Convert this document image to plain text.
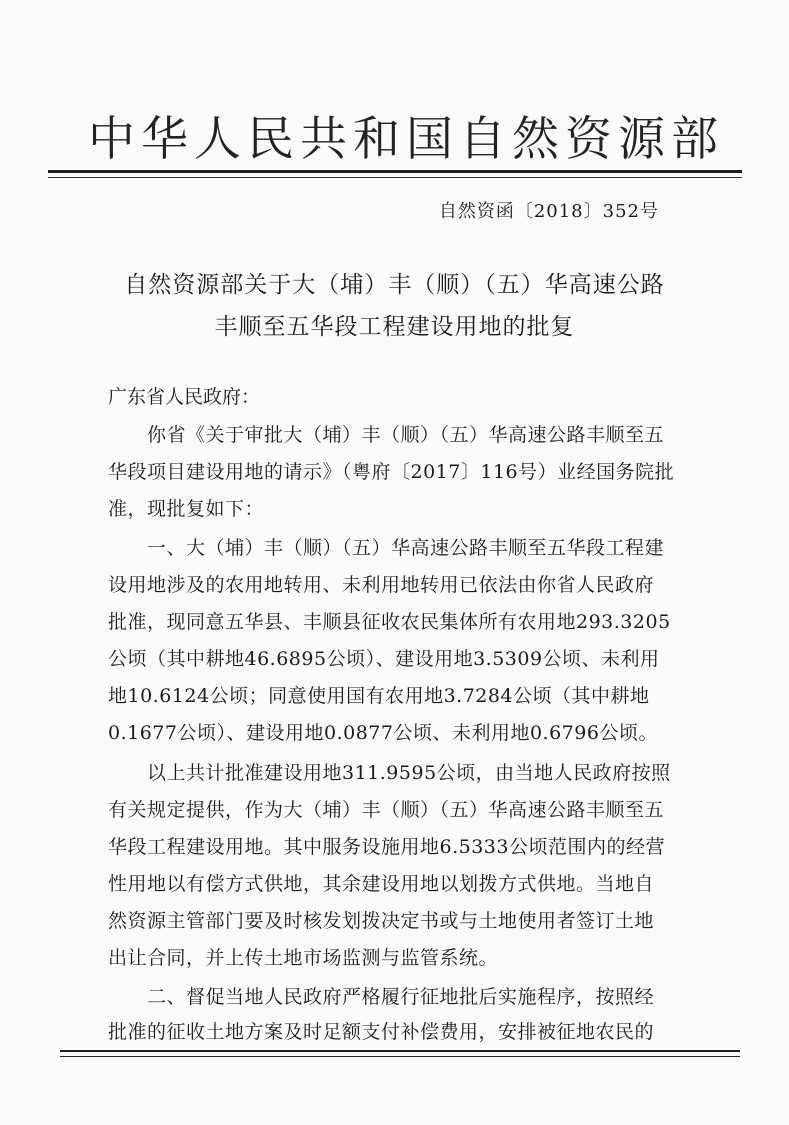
中华人民共和国自然资源部
自然资函〔2018〕352号
自然资源部关于大（埔）丰（顺）（五）华高速公路
丰顺至五华段工程建设用地的批复
广东省人民政府：
　　你省《关于审批大（埔）丰（顺）（五）华高速公路丰顺至五
华段项目建设用地的请示》（粤府〔2017〕116号）业经国务院批
准，现批复如下：
　　一、大（埔）丰（顺）（五）华高速公路丰顺至五华段工程建
设用地涉及的农用地转用、未利用地转用已依法由你省人民政府
批准，现同意五华县、丰顺县征收农民集体所有农用地293.3205
公顷（其中耕地46.6895公顷）、建设用地3.5309公顷、未利用
地10.6124公顷；同意使用国有农用地3.7284公顷（其中耕地
0.1677公顷）、建设用地0.0877公顷、未利用地0.6796公顷。
　　以上共计批准建设用地311.9595公顷，由当地人民政府按照
有关规定提供，作为大（埔）丰（顺）（五）华高速公路丰顺至五
华段工程建设用地。其中服务设施用地6.5333公顷范围内的经营
性用地以有偿方式供地，其余建设用地以划拨方式供地。当地自
然资源主管部门要及时核发划拨决定书或与土地使用者签订土地
出让合同，并上传土地市场监测与监管系统。
　　二、督促当地人民政府严格履行征地批后实施程序，按照经
批准的征收土地方案及时足额支付补偿费用，安排被征地农民的
